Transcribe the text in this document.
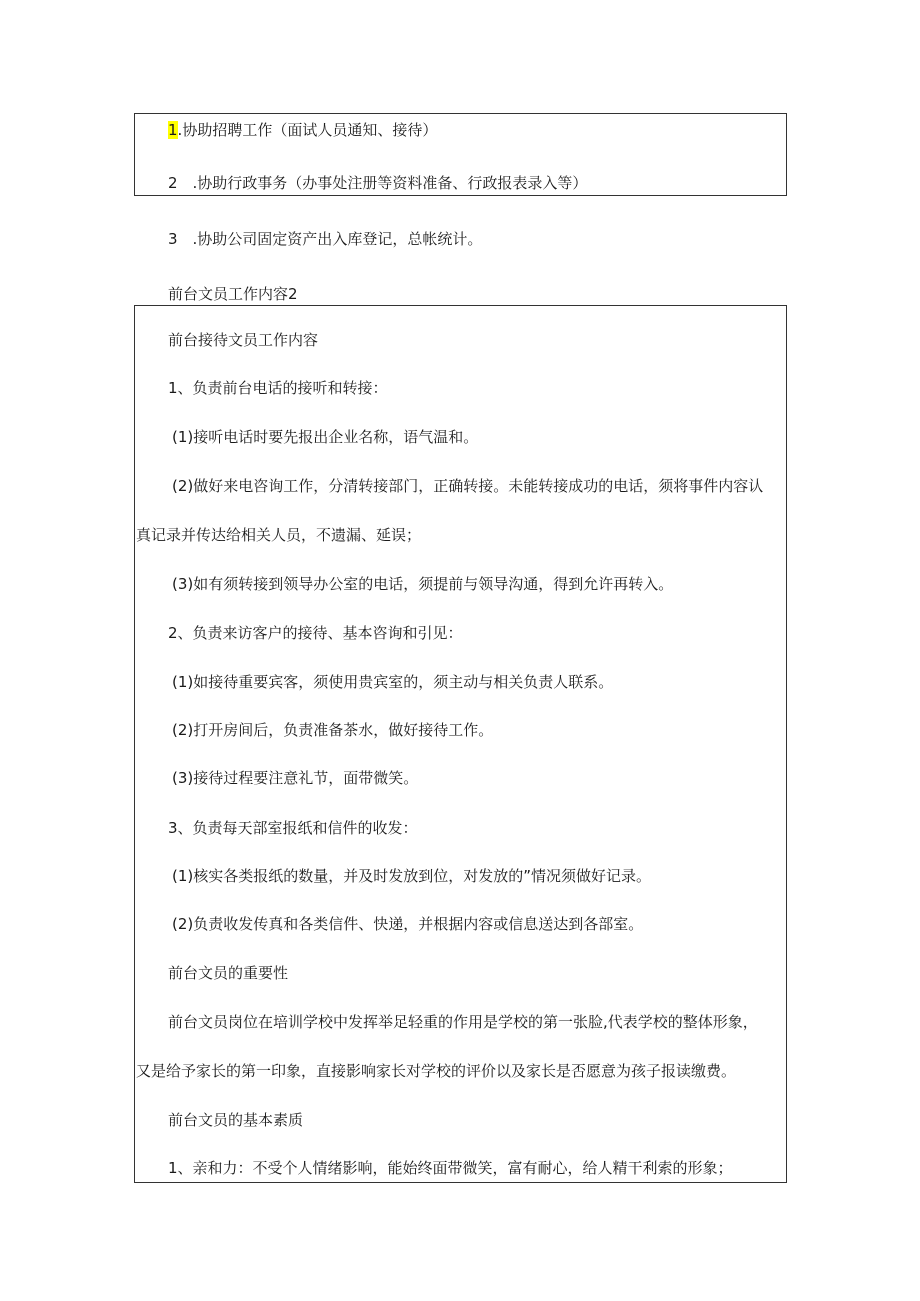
1.协助招聘工作（面试人员通知、接待）
2　.协助行政事务（办事处注册等资料准备、行政报表录入等）
3　.协助公司固定资产出入库登记，总帐统计。
前台文员工作内容2
前台接待文员工作内容
1、负责前台电话的接听和转接：
(1)接听电话时要先报出企业名称，语气温和。
(2)做好来电咨询工作，分清转接部门，正确转接。未能转接成功的电话，须将事件内容认
真记录并传达给相关人员，不遗漏、延误；
(3)如有须转接到领导办公室的电话，须提前与领导沟通，得到允许再转入。
2、负责来访客户的接待、基本咨询和引见：
(1)如接待重要宾客，须使用贵宾室的，须主动与相关负责人联系。
(2)打开房间后，负责准备茶水，做好接待工作。
(3)接待过程要注意礼节，面带微笑。
3、负责每天部室报纸和信件的收发：
(1)核实各类报纸的数量，并及时发放到位，对发放的”情况须做好记录。
(2)负责收发传真和各类信件、快递，并根据内容或信息送达到各部室。
前台文员的重要性
前台文员岗位在培训学校中发挥举足轻重的作用是学校的第一张脸,代表学校的整体形象，
又是给予家长的第一印象，直接影响家长对学校的评价以及家长是否愿意为孩子报读缴费。
前台文员的基本素质
1、亲和力：不受个人情绪影响，能始终面带微笑，富有耐心，给人精干利索的形象；
